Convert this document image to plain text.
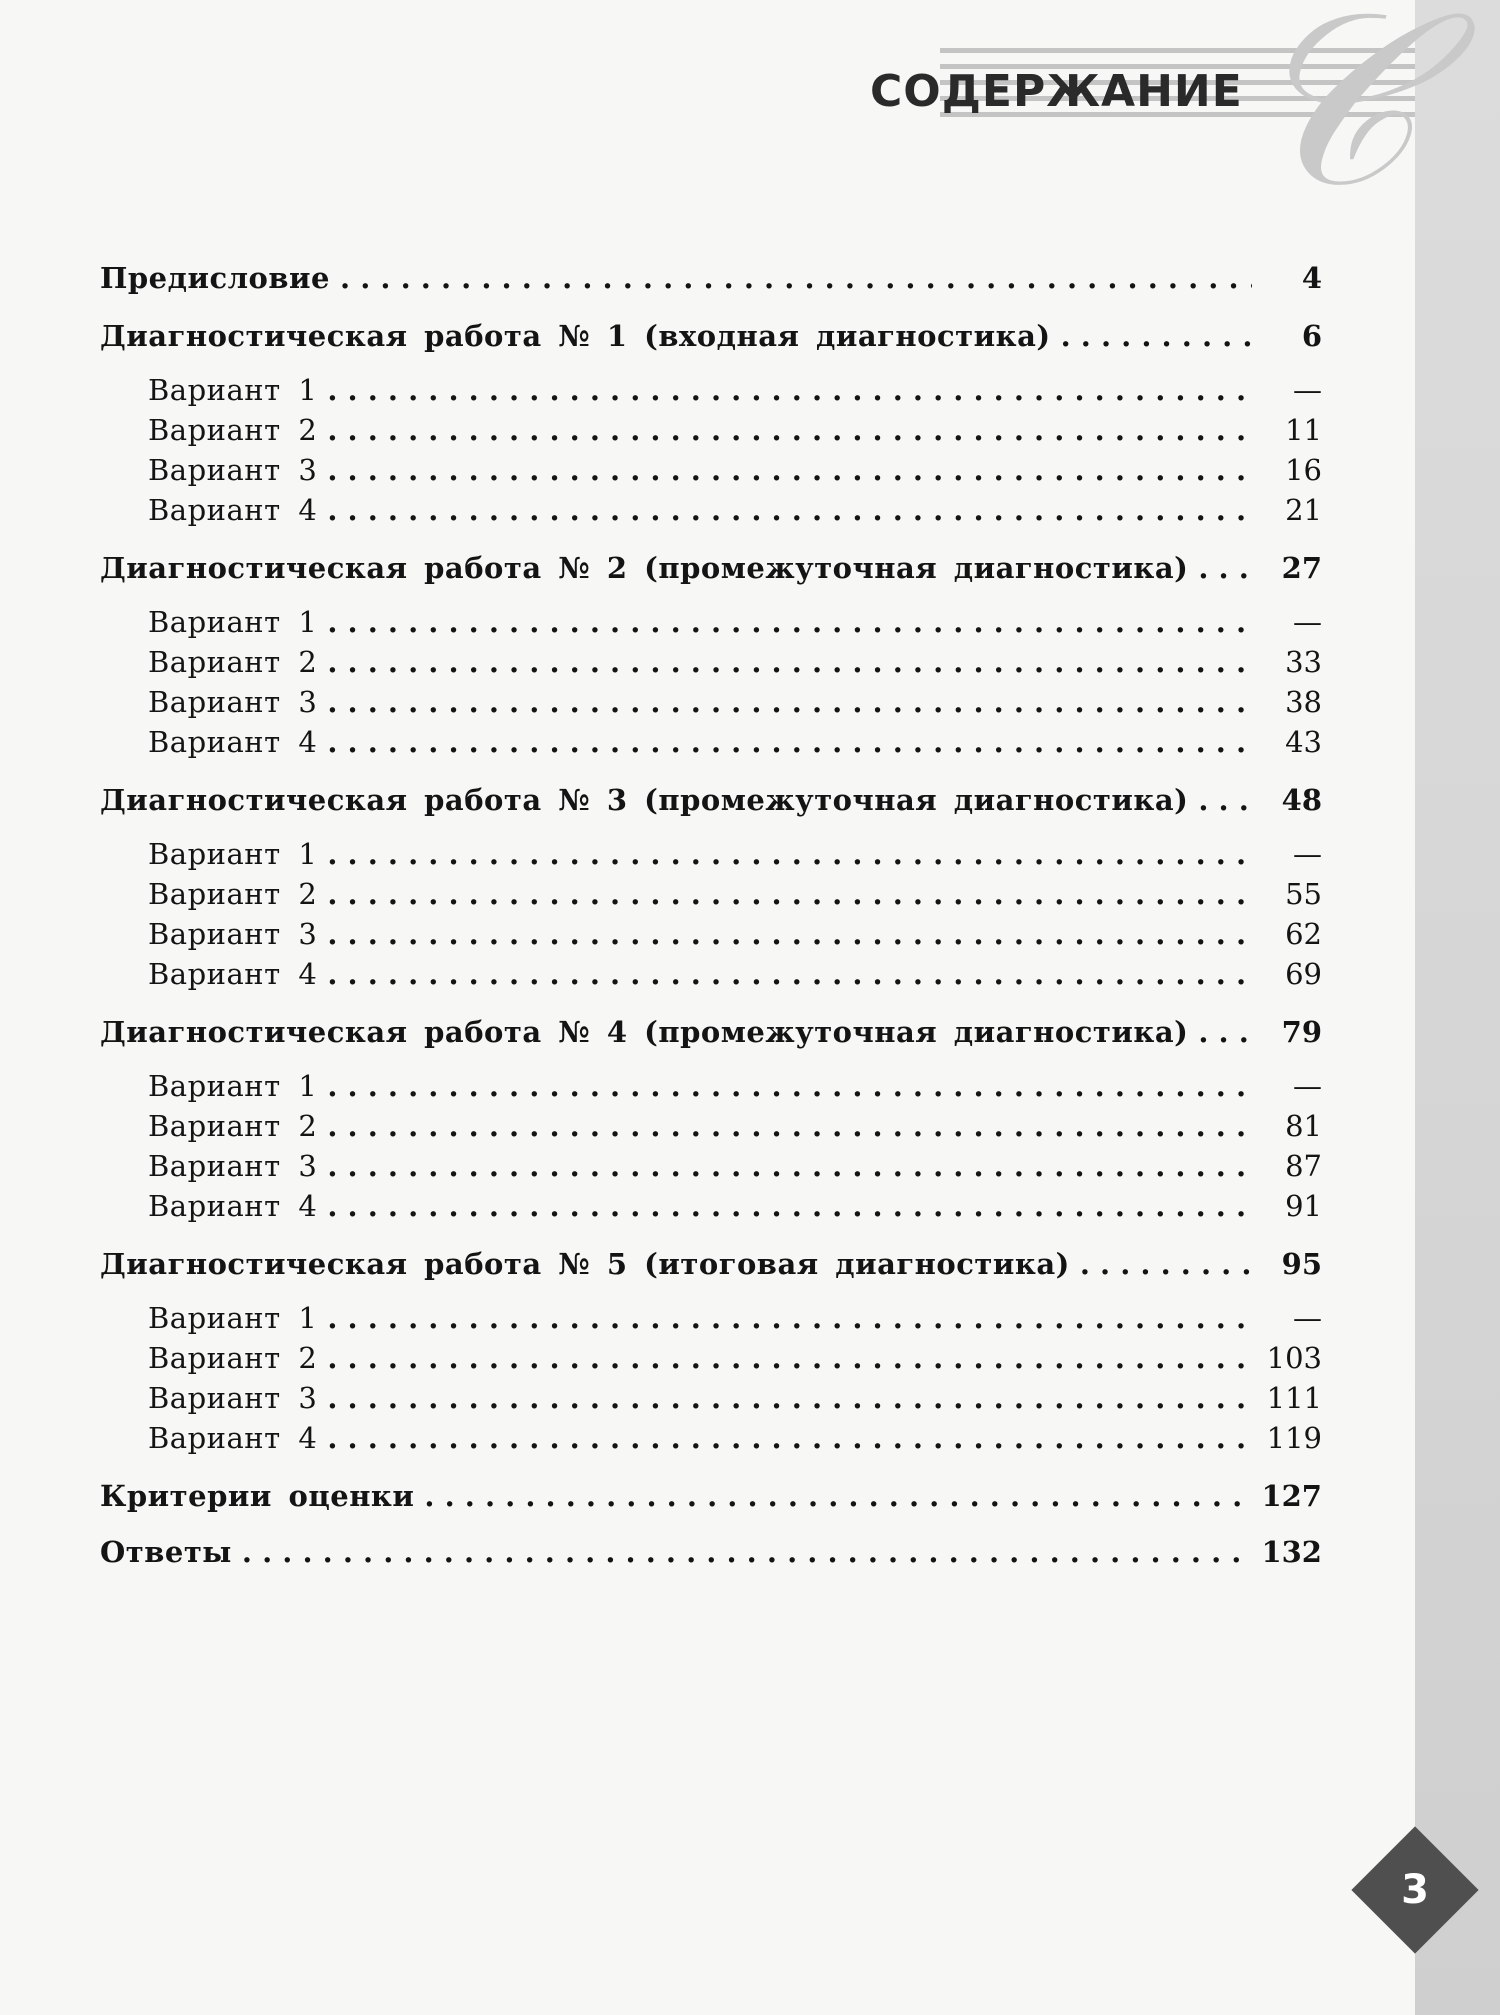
𝒞
СОДЕРЖАНИЕ
Предисловие . . .	4
Диагностическая работа № 1 (входная диагностика) . . .	6
Вариант 1 . . .	—
Вариант 2 . . .	11
Вариант 3 . . .	16
Вариант 4 . . .	21
Диагностическая работа № 2 (промежуточная диагностика) . . .	27
Вариант 1 . . .	—
Вариант 2 . . .	33
Вариант 3 . . .	38
Вариант 4 . . .	43
Диагностическая работа № 3 (промежуточная диагностика) . . .	48
Вариант 1 . . .	—
Вариант 2 . . .	55
Вариант 3 . . .	62
Вариант 4 . . .	69
Диагностическая работа № 4 (промежуточная диагностика) . . .	79
Вариант 1 . . .	—
Вариант 2 . . .	81
Вариант 3 . . .	87
Вариант 4 . . .	91
Диагностическая работа № 5 (итоговая диагностика) . . .	95
Вариант 1 . . .	—
Вариант 2 . . .	103
Вариант 3 . . .	111
Вариант 4 . . .	119
Критерии оценки . . .	127
Ответы . . .	132
3
